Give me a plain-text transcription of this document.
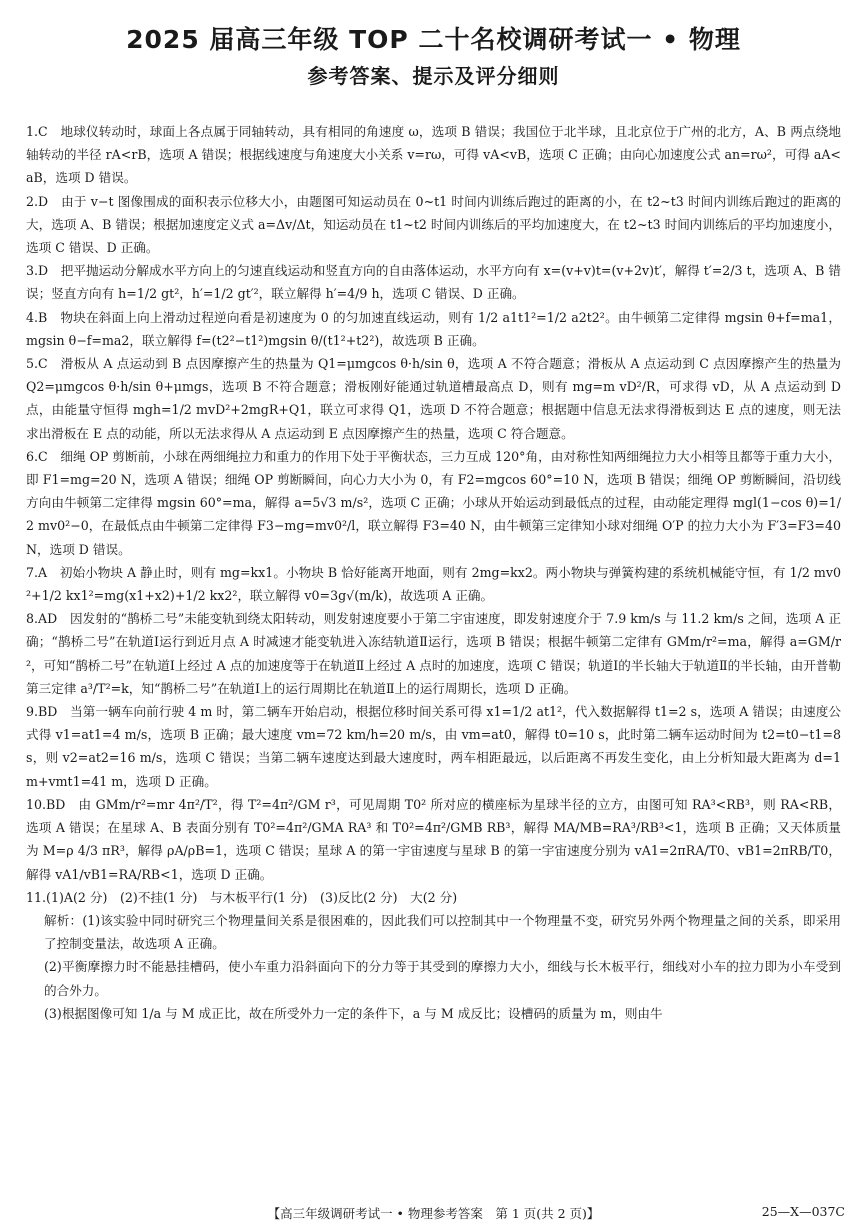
2025 届高三年级 TOP 二十名校调研考试一 • 物理
参考答案、提示及评分细则

1.C　 地球仪转动时，球面上各点属于同轴转动，具有相同的角速度 ω，选项 B 错误；我国位于北半球，且北京位于广州的北方，A、B 两点绕地轴转动的半径 rA<rB，选项 A 错误；根据线速度与角速度大小关系 v=rω，可得 vA<vB，选项 C 正确；由向心加速度公式 an=rω²，可得 aA<aB，选项 D 错误。

2.D　 由于 v−t 图像围成的面积表示位移大小，由题图可知运动员在 0~t1 时间内训练后跑过的距离的小，在 t2~t3 时间内训练后跑过的距离的大，选项 A、B 错误；根据加速度定义式 a=Δv/Δt，知运动员在 t1~t2 时间内训练后的平均加速度大，在 t2~t3 时间内训练后的平均加速度小，选项 C 错误、D 正确。

3.D　 把平抛运动分解成水平方向上的匀速直线运动和竖直方向的自由落体运动，水平方向有 x=(v+v)t=(v+2v)t′，解得 t′=2/3 t，选项 A、B 错误；竖直方向有 h=1/2 gt²，h′=1/2 gt′²，联立解得 h′=4/9 h，选项 C 错误、D 正确。

4.B　 物块在斜面上向上滑动过程逆向看是初速度为 0 的匀加速直线运动，则有 1/2 a1t1²=1/2 a2t2²。由牛顿第二定律得 mgsin θ+f=ma1，mgsin θ−f=ma2，联立解得 f=(t2²−t1²)mgsin θ/(t1²+t2²)，故选项 B 正确。

5.C　 滑板从 A 点运动到 B 点因摩擦产生的热量为 Q1=μmgcos θ·h/sin θ，选项 A 不符合题意；滑板从 A 点运动到 C 点因摩擦产生的热量为 Q2=μmgcos θ·h/sin θ+μmgs，选项 B 不符合题意；滑板刚好能通过轨道槽最高点 D，则有 mg=m vD²/R，可求得 vD，从 A 点运动到 D 点，由能量守恒得 mgh=1/2 mvD²+2mgR+Q1，联立可求得 Q1，选项 D 不符合题意；根据题中信息无法求得滑板到达 E 点的速度，则无法求出滑板在 E 点的动能，所以无法求得从 A 点运动到 E 点因摩擦产生的热量，选项 C 符合题意。

6.C　 细绳 OP 剪断前，小球在两细绳拉力和重力的作用下处于平衡状态，三力互成 120°角，由对称性知两细绳拉力大小相等且都等于重力大小，即 F1=mg=20 N，选项 A 错误；细绳 OP 剪断瞬间，向心力大小为 0，有 F2=mgcos 60°=10 N，选项 B 错误；细绳 OP 剪断瞬间，沿切线方向由牛顿第二定律得 mgsin 60°=ma，解得 a=5√3 m/s²，选项 C 正确；小球从开始运动到最低点的过程，由动能定理得 mgl(1−cos θ)=1/2 mv0²−0，在最低点由牛顿第二定律得 F3−mg=mv0²/l，联立解得 F3=40 N，由牛顿第三定律知小球对细绳 O′P 的拉力大小为 F′3=F3=40 N，选项 D 错误。

7.A　 初始小物块 A 静止时，则有 mg=kx1。小物块 B 恰好能离开地面，则有 2mg=kx2。两小物块与弹簧构建的系统机械能守恒，有 1/2 mv0²+1/2 kx1²=mg(x1+x2)+1/2 kx2²，联立解得 v0=3g√(m/k)，故选项 A 正确。

8.AD　 因发射的“鹊桥二号”未能变轨到绕太阳转动，则发射速度要小于第二宇宙速度，即发射速度介于 7.9 km/s 与 11.2 km/s 之间，选项 A 正确；“鹊桥二号”在轨道Ⅰ运行到近月点 A 时减速才能变轨进入冻结轨道Ⅱ运行，选项 B 错误；根据牛顿第二定律有 GMm/r²=ma，解得 a=GM/r²，可知“鹊桥二号”在轨道Ⅰ上经过 A 点的加速度等于在轨道Ⅱ上经过 A 点时的加速度，选项 C 错误；轨道Ⅰ的半长轴大于轨道Ⅱ的半长轴，由开普勒第三定律 a³/T²=k，知“鹊桥二号”在轨道Ⅰ上的运行周期比在轨道Ⅱ上的运行周期长，选项 D 正确。

9.BD　 当第一辆车向前行驶 4 m 时，第二辆车开始启动，根据位移时间关系可得 x1=1/2 at1²，代入数据解得 t1=2 s，选项 A 错误；由速度公式得 v1=at1=4 m/s，选项 B 正确；最大速度 vm=72 km/h=20 m/s，由 vm=at0，解得 t0=10 s，此时第二辆车运动时间为 t2=t0−t1=8 s，则 v2=at2=16 m/s，选项 C 错误；当第二辆车速度达到最大速度时，两车相距最远，以后距离不再发生变化，由上分析知最大距离为 d=1 m+vmt1=41 m，选项 D 正确。

10.BD　 由 GMm/r²=mr 4π²/T²，得 T²=4π²/GM r³，可见周期 T0² 所对应的横座标为星球半径的立方，由图可知 RA³<RB³，则 RA<RB，选项 A 错误；在星球 A、B 表面分别有 T0²=4π²/GMA RA³ 和 T0²=4π²/GMB RB³，解得 MA/MB=RA³/RB³<1，选项 B 正确；又天体质量为 M=ρ 4/3 πR³，解得 ρA/ρB=1，选项 C 错误；星球 A 的第一宇宙速度与星球 B 的第一宇宙速度分别为 vA1=2πRA/T0、vB1=2πRB/T0，解得 vA1/vB1=RA/RB<1，选项 D 正确。

11.(1)A(2 分)　(2)不挂(1 分)　与木板平行(1 分)　(3)反比(2 分)　大(2 分)

解析：(1)该实验中同时研究三个物理量间关系是很困难的，因此我们可以控制其中一个物理量不变，研究另外两个物理量之间的关系，即采用了控制变量法，故选项 A 正确。

(2)平衡摩擦力时不能悬挂槽码，使小车重力沿斜面向下的分力等于其受到的摩擦力大小，细线与长木板平行，细线对小车的拉力即为小车受到的合外力。

(3)根据图像可知 1/a 与 M 成正比，故在所受外力一定的条件下，a 与 M 成反比；设槽码的质量为 m，则由牛

【高三年级调研考试一 • 物理参考答案　第 1 页(共 2 页)】	25—X—037C
